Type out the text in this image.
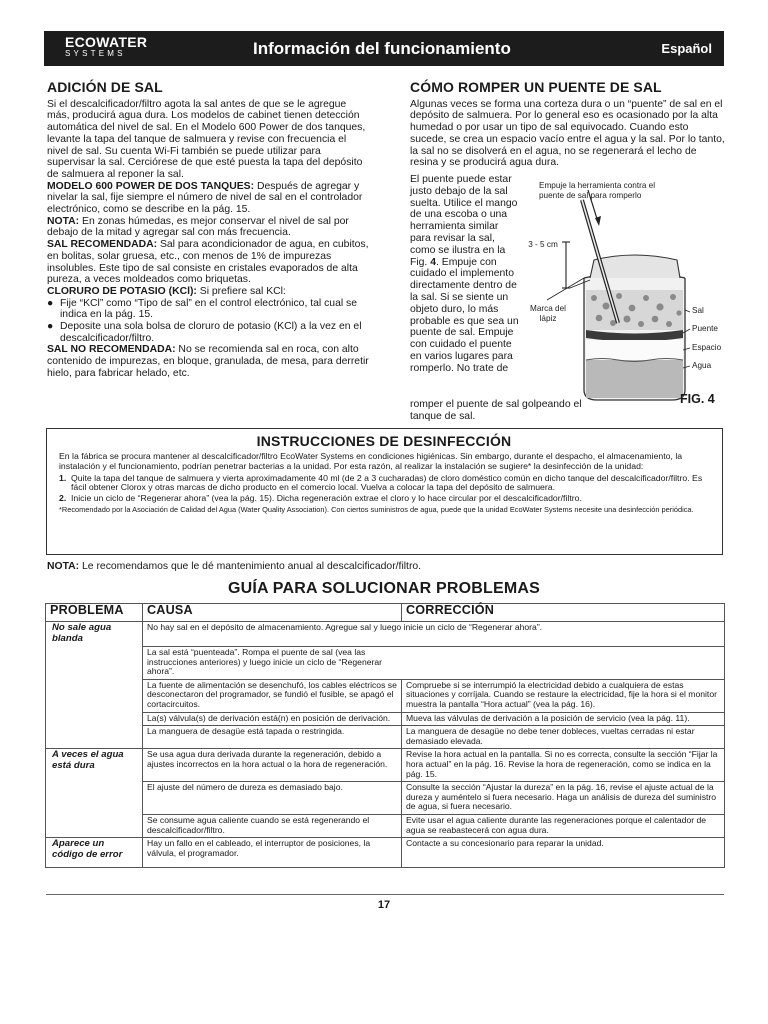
ECOWATER
SYSTEMS	Información del funcionamiento	Español
ADICIÓN DE SAL

Si el descalcificador/filtro agota la sal antes de que se le agregue más, producirá agua dura. Los modelos de cabinet tienen detección automática del nivel de sal. En el Modelo 600 Power de dos tanques, levante la tapa del tanque de salmuera y revise con frecuencia el nivel de sal. Su cuenta Wi-Fi también se puede utilizar para supervisar la sal. Cerciórese de que esté puesta la tapa del depósito de salmuera al reponer la sal.

MODELO 600 POWER DE DOS TANQUES: Después de agregar y nivelar la sal, fije siempre el número de nivel de sal en el controlador electrónico, como se describe en la pág. 15.

NOTA: En zonas húmedas, es mejor conservar el nivel de sal por debajo de la mitad y agregar sal con más frecuencia.

SAL RECOMENDADA: Sal para acondicionador de agua, en cubitos, en bolitas, solar gruesa, etc., con menos de 1% de impurezas insolubles. Este tipo de sal consiste en cristales evaporados de alta pureza, a veces moldeados como briquetas.

CLORURO DE POTASIO (KCl): Si prefiere sal KCl:

● Fije “KCl” como “Tipo de sal” en el control electrónico, tal cual se indica en la pág. 15.

● Deposite una sola bolsa de cloruro de potasio (KCl) a la vez en el descalcificador/filtro.

SAL NO RECOMENDADA: No se recomienda sal en roca, con alto contenido de impurezas, en bloque, granulada, de mesa, para derretir hielo, para fabricar helado, etc.

CÓMO ROMPER UN PUENTE DE SAL

Algunas veces se forma una corteza dura o un “puente” de sal en el depósito de salmuera. Por lo general eso es ocasionado por la alta humedad o por usar un tipo de sal equivocado. Cuando esto sucede, se crea un espacio vacío entre el agua y la sal. Por lo tanto, la sal no se disolverá en el agua, no se regenerará el lecho de resina y se producirá agua dura.

El puente puede estar justo debajo de la sal suelta. Utilice el mango de una escoba o una herramienta similar para revisar la sal, como se ilustra en la Fig. 4. Empuje con cuidado el implemento directamente dentro de la sal. Si se siente un objeto duro, lo más probable es que sea un puente de sal. Empuje con cuidado el puente en varios lugares para romperlo. No trate de
romper el puente de sal golpeando el tanque de sal.
Empuje la herramienta contra el puente de sal para romperlo
3 - 5 cm
Marca del lápiz
Sal
Puente
Espacio
Agua
FIG. 4
INSTRUCCIONES DE DESINFECCIÓN

En la fábrica se procura mantener al descalcificador/filtro EcoWater Systems en condiciones higiénicas. Sin embargo, durante el despacho, el almacenamiento, la instalación y el funcionamiento, podrían penetrar bacterias a la unidad. Por esta razón, al realizar la instalación se sugiere* la desinfección de la unidad:

1. Quite la tapa del tanque de salmuera y vierta aproximadamente 40 ml (de 2 a 3 cucharadas) de cloro doméstico común en dicho tanque del descalcificador/filtro. Es fácil obtener Clorox y otras marcas de dicho producto en el comercio local. Vuelva a colocar la tapa del depósito de salmuera.
2. Inicie un ciclo de “Regenerar ahora” (vea la pág. 15). Dicha regeneración extrae el cloro y lo hace circular por el descalcificador/filtro.

*Recomendado por la Asociación de Calidad del Agua (Water Quality Association). Con ciertos suministros de agua, puede que la unidad EcoWater Systems necesite una desinfección periódica.

NOTA: Le recomendamos que le dé mantenimiento anual al descalcificador/filtro.
GUÍA PARA SOLUCIONAR PROBLEMAS
PROBLEMA	CAUSA	CORRECCIÓN
No sale agua blanda	No hay sal en el depósito de almacenamiento. Agregue sal y luego inicie un ciclo de “Regenerar ahora”.	
	La sal está “puenteada”. Rompa el puente de sal (vea las instrucciones anteriores) y luego inicie un ciclo de “Regenerar ahora”.	
	La fuente de alimentación se desenchufó, los cables eléctricos se desconectaron del programador, se fundió el fusible, se apagó el cortacircuitos.	Compruebe si se interrumpió la electricidad debido a cualquiera de estas situaciones y corríjala. Cuando se restaure la electricidad, fije la hora si el monitor muestra la pantalla “Hora actual” (vea la pág. 16).
	La(s) válvula(s) de derivación está(n) en posición de derivación.	Mueva las válvulas de derivación a la posición de servicio (vea la pág. 11).
	La manguera de desagüe está tapada o restringida.	La manguera de desagüe no debe tener dobleces, vueltas cerradas ni estar demasiado elevada.
A veces el agua está dura	Se usa agua dura derivada durante la regeneración, debido a ajustes incorrectos en la hora actual o la hora de regeneración.	Revise la hora actual en la pantalla. Si no es correcta, consulte la sección “Fijar la hora actual” en la pág. 16. Revise la hora de regeneración, como se indica en la pág. 15.
	El ajuste del número de dureza es demasiado bajo.	Consulte la sección “Ajustar la dureza” en la pág. 16, revise el ajuste actual de la dureza y auméntelo si fuera necesario. Haga un análisis de dureza del suministro de agua, si fuera necesario.
	Se consume agua caliente cuando se está regenerando el descalcificador/filtro.	Evite usar el agua caliente durante las regeneraciones porque el calentador de agua se reabastecerá con agua dura.
Aparece un código de error	Hay un fallo en el cableado, el interruptor de posiciones, la válvula, el programador.	Contacte a su concesionario para reparar la unidad.
17
